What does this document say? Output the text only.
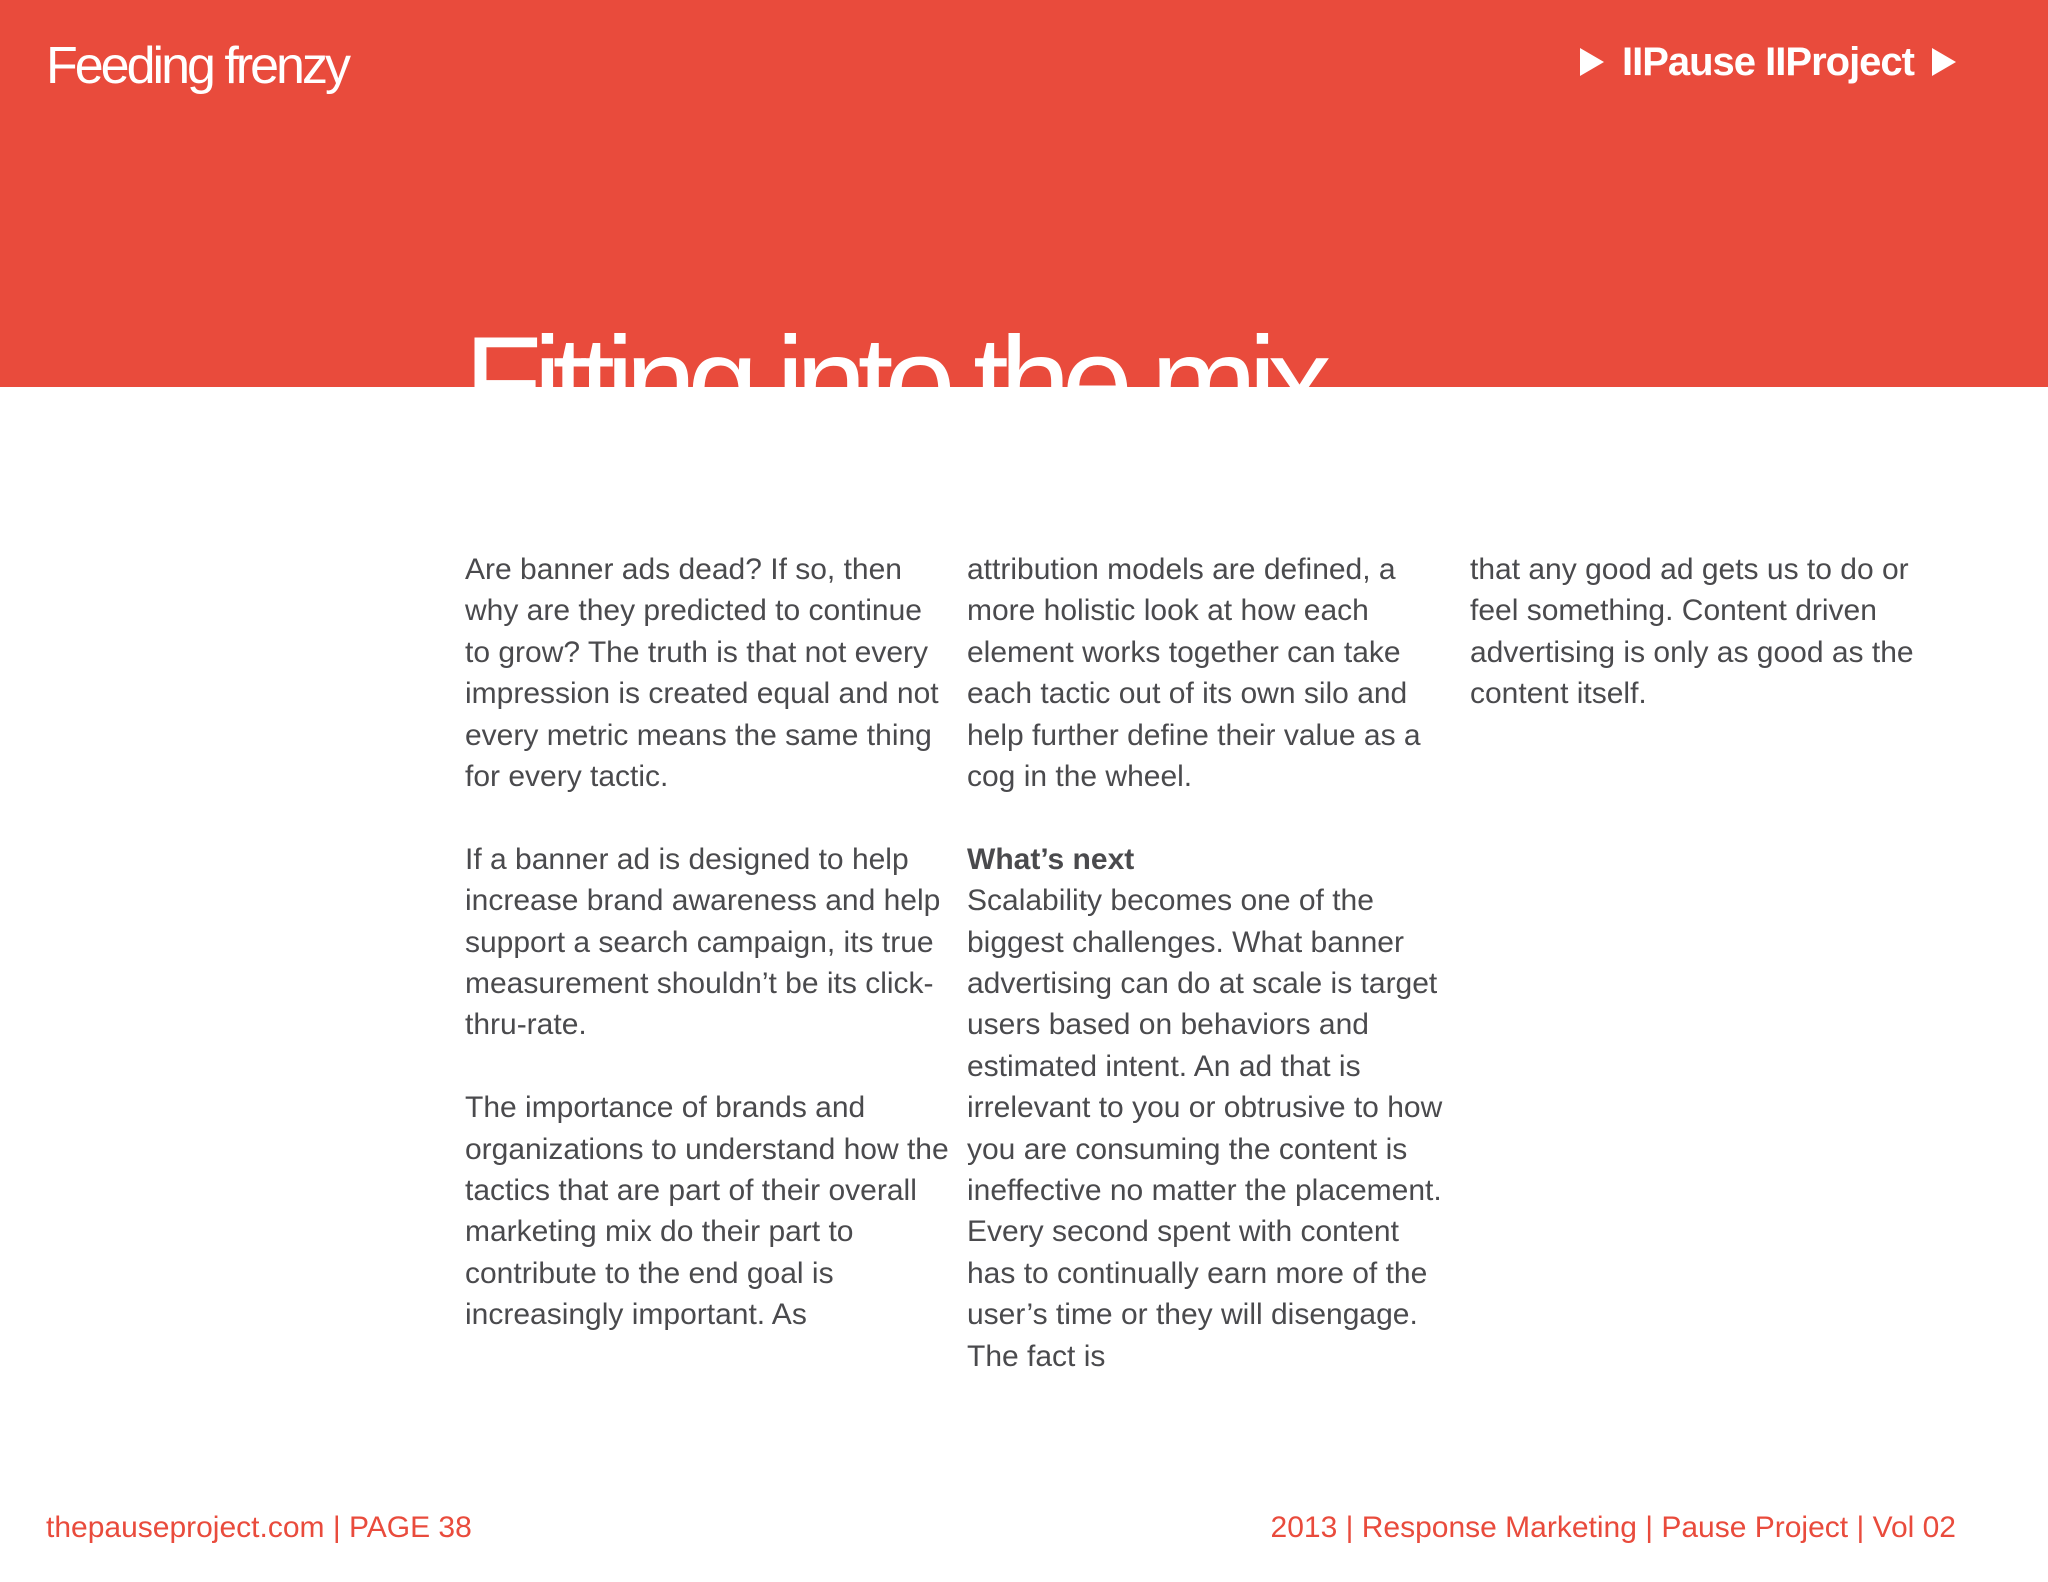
Feeding frenzy	IIPause IIProject
Fitting into the mix

Are banner ads dead? If so, then why are they predicted to continue to grow? The truth is that not every impression is created equal and not every metric means the same thing for every tactic.

If a banner ad is designed to help increase brand awareness and help support a search campaign, its true measurement shouldn’t be its click-thru-rate.

The importance of brands and organizations to understand how the tactics that are part of their overall marketing mix do their part to contribute to the end goal is increasingly important. As

attribution models are defined, a more holistic look at how each element works together can take each tactic out of its own silo and help further define their value as a cog in the wheel.

What’s next

Scalability becomes one of the biggest challenges. What banner advertising can do at scale is target users based on behaviors and estimated intent. An ad that is irrelevant to you or obtrusive to how you are consuming the content is ineffective no matter the placement. Every second spent with content has to continually earn more of the user’s time or they will disengage. The fact is

that any good ad gets us to do or feel something. Content driven advertising is only as good as the content itself.

thepauseproject.com | PAGE 38	2013 | Response Marketing | Pause Project | Vol 02
